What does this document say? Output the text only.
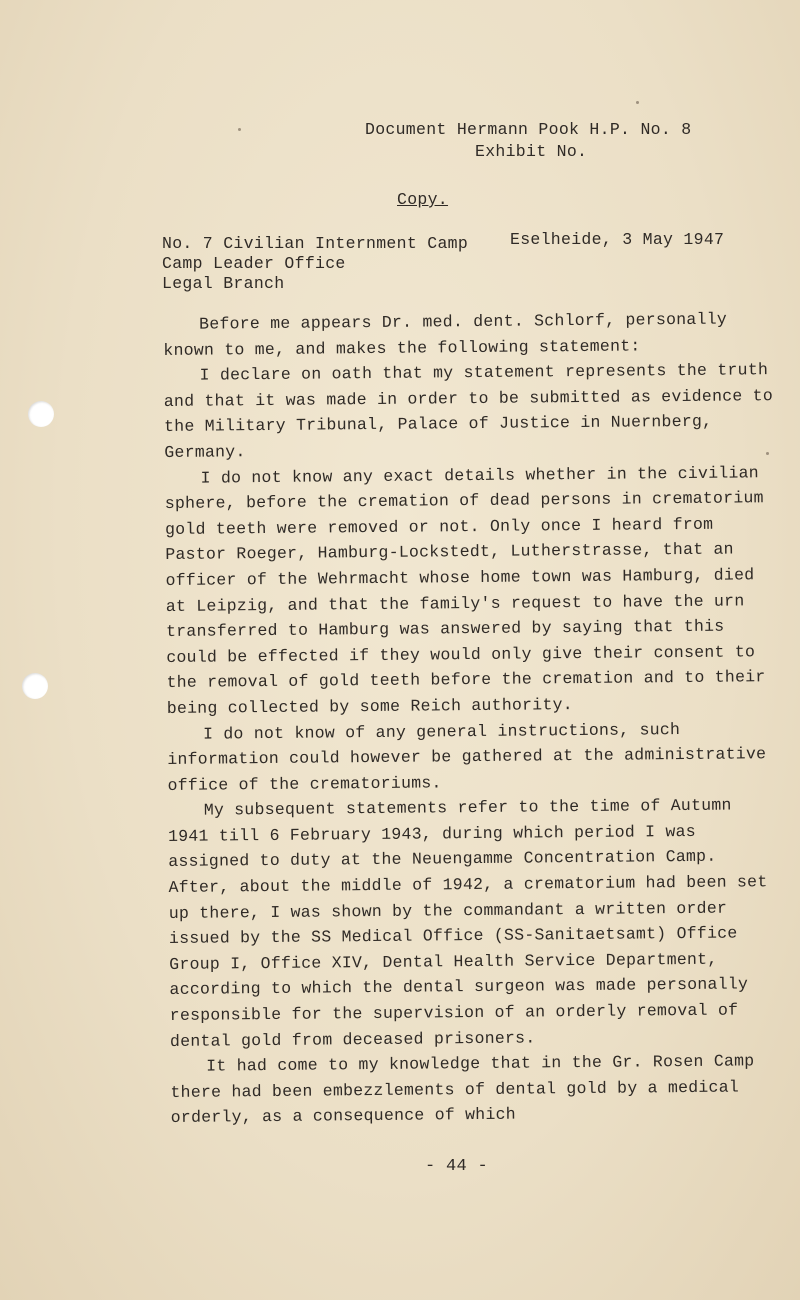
Document Hermann Pook H.P. No. 8
Exhibit No.
Copy.
No. 7 Civilian Internment Camp
Camp Leader Office
Legal Branch
Eselheide, 3 May 1947

Before me appears Dr. med. dent. Schlorf, personally known to me, and makes the following statement:

I declare on oath that my statement represents the truth and that it was made in order to be submitted as evidence to the Military Tribunal, Palace of Justice in Nuernberg, Germany.

I do not know any exact details whether in the civilian sphere, before the cremation of dead persons in crematorium gold teeth were removed or not. Only once I heard from Pastor Roeger, Hamburg-Lockstedt, Lutherstrasse, that an officer of the Wehrmacht whose home town was Hamburg, died at Leipzig, and that the family's request to have the urn transferred to Hamburg was answered by saying that this could be effected if they would only give their consent to the removal of gold teeth before the cremation and to their being collected by some Reich authority.

I do not know of any general instructions, such information could however be gathered at the administrative office of the crematoriums.

My subsequent statements refer to the time of Autumn 1941 till 6 February 1943, during which period I was assigned to duty at the Neuengamme Concentration Camp. After, about the middle of 1942, a crematorium had been set up there, I was shown by the commandant a written order issued by the SS Medical Office (SS-Sanitaetsamt) Office Group I, Office XIV, Dental Health Service Department, according to which the dental surgeon was made personally responsible for the supervision of an orderly removal of dental gold from deceased prisoners.

It had come to my knowledge that in the Gr. Rosen Camp there had been embezzlements of dental gold by a medical orderly, as a consequence of which

- 44 -
